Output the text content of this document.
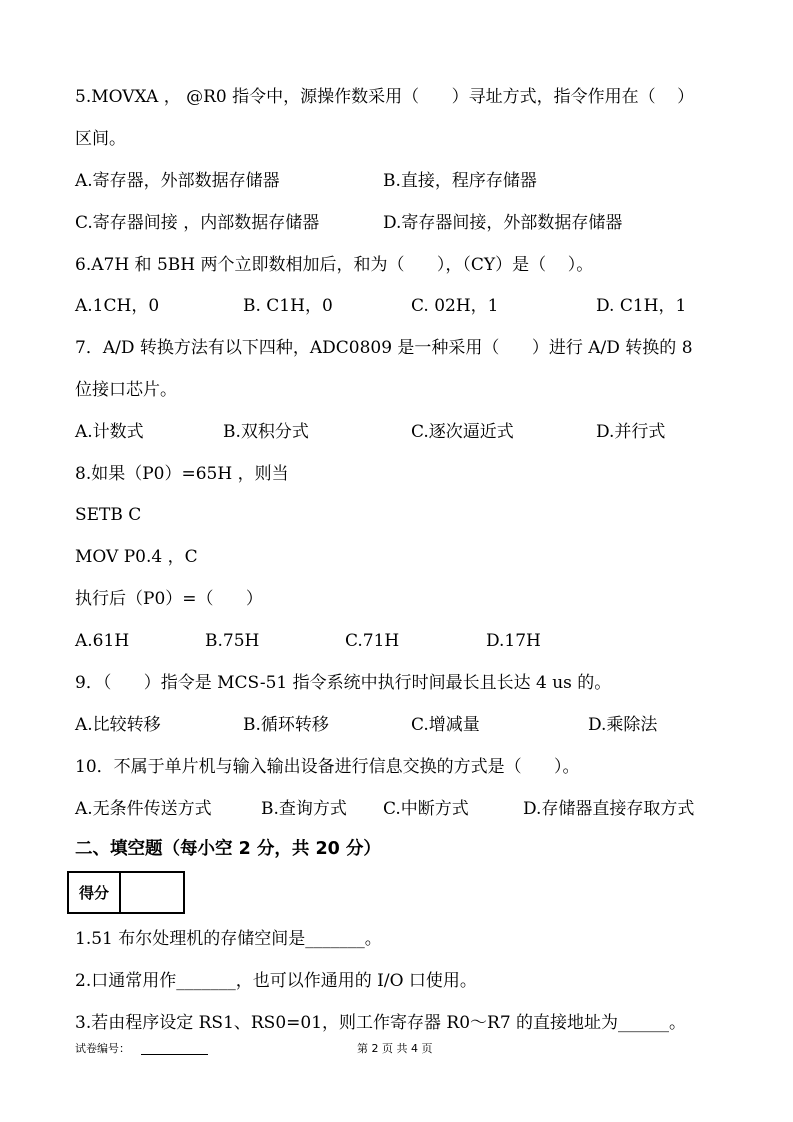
5.MOVXA ， @R0 指令中，源操作数采用（      ）寻址方式，指令作用在（    ）
区间。
A.寄存器，外部数据存储器	B.直接，程序存储器
C.寄存器间接 ，内部数据存储器	D.寄存器间接，外部数据存储器
6.A7H 和 5BH 两个立即数相加后，和为（      ），（CY）是（    ）。
A.1CH，0	B. C1H，0	C. 02H，1	D. C1H，1
7．A/D 转换方法有以下四种，ADC0809 是一种采用（      ）进行 A/D 转换的 8
位接口芯片。
A.计数式	B.双积分式	C.逐次逼近式	D.并行式
8.如果（P0）=65H ，则当
SETB C
MOV P0.4 ，C
执行后（P0）=（      ）
A.61H	B.75H	C.71H	D.17H
9．（      ）指令是 MCS-51 指令系统中执行时间最长且长达 4 us 的。
A.比较转移	B.循环转移	C.增减量	D.乘除法
10．不属于单片机与输入输出设备进行信息交换的方式是（      ）。
A.无条件传送方式	B.查询方式 C.中断方式	D.存储器直接存取方式
二、填空题（每小空 2 分，共 20 分）
得分
1.51 布尔处理机的存储空间是_______。
2.口通常用作_______，也可以作通用的 I/O 口使用。
3.若由程序设定 RS1、RS0=01，则工作寄存器 R0～R7 的直接地址为______。
试卷编号：	第 2 页 共 4 页
